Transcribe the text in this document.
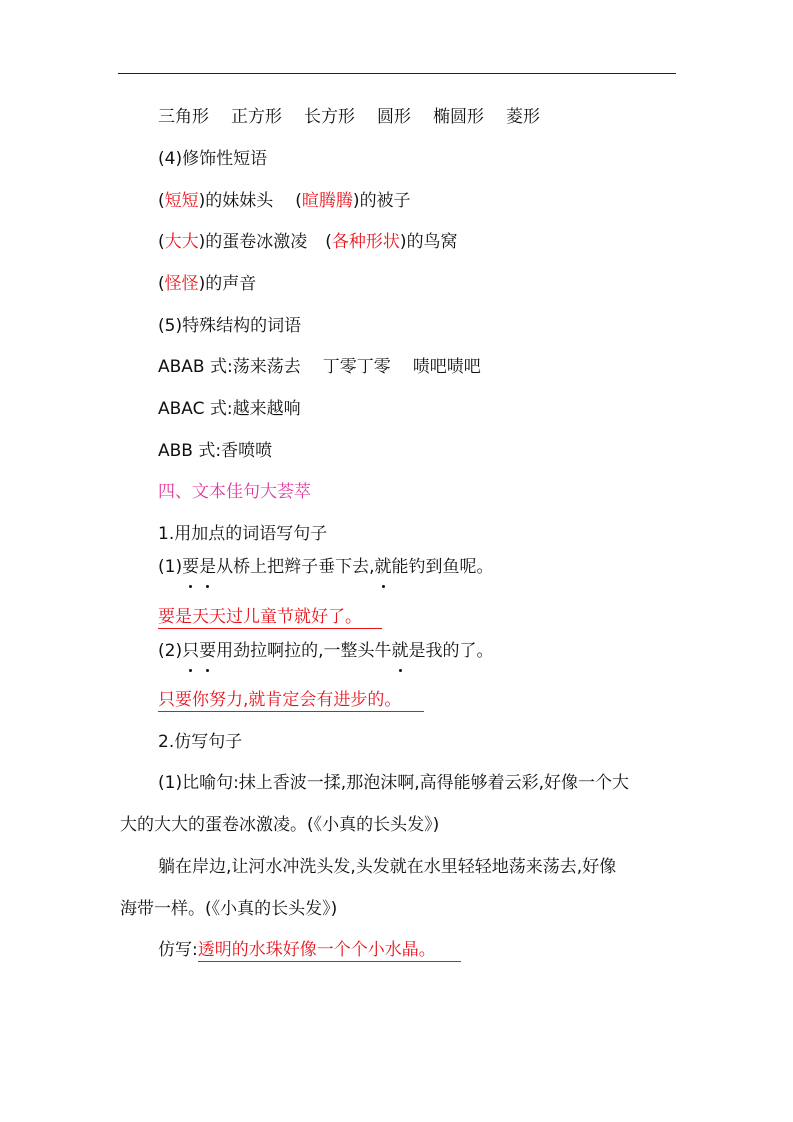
三角形 正方形 长方形 圆形 椭圆形 菱形
(4)修饰性短语
(短短)的妹妹头 (暄腾腾)的被子
(大大)的蛋卷冰激凌 (各种形状)的鸟窝
(怪怪)的声音
(5)特殊结构的词语
ABAB 式:荡来荡去 丁零丁零 啧吧啧吧
ABAC 式:越来越响
ABB 式:香喷喷
四、文本佳句大荟萃
1.用加点的词语写句子
(1)要是从桥上把辫子垂下去,就能钓到鱼呢。
要是天天过儿童节就好了。
(2)只要用劲拉啊拉的,一整头牛就是我的了。
只要你努力,就肯定会有进步的。
2.仿写句子
(1)比喻句:抹上香波一揉,那泡沫啊,高得能够着云彩,好像一个大
大的大大的蛋卷冰激凌。(《小真的长头发》)
躺在岸边,让河水冲洗头发,头发就在水里轻轻地荡来荡去,好像
海带一样。(《小真的长头发》)
仿写:透明的水珠好像一个个小水晶。
